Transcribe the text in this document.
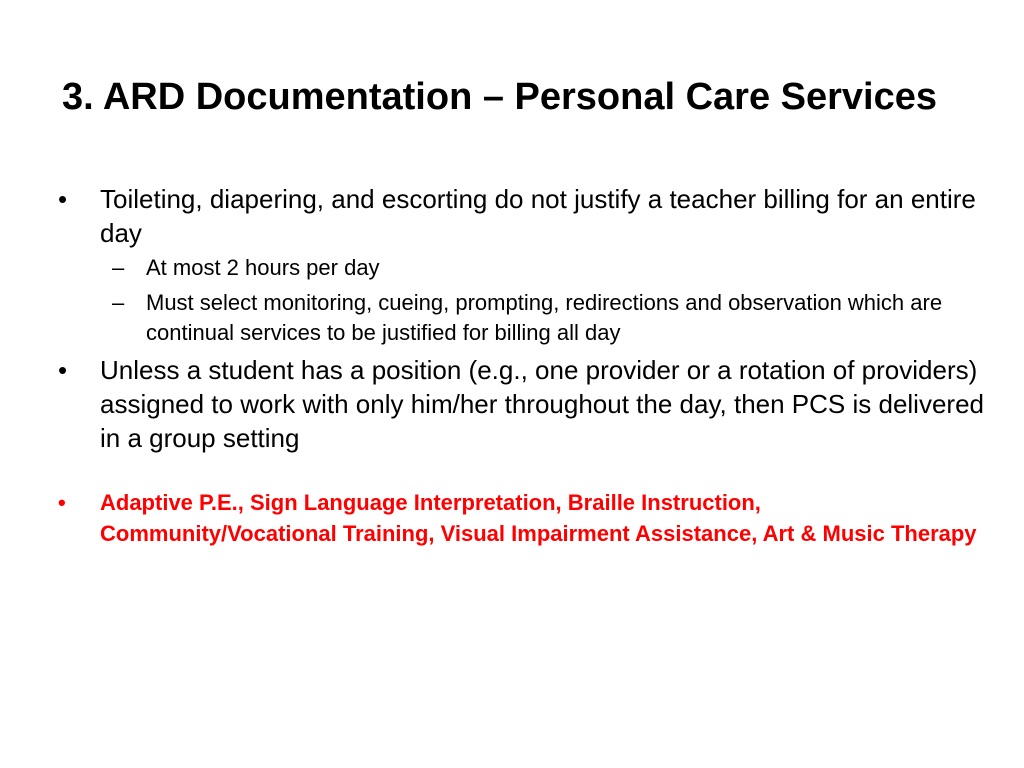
3. ARD Documentation – Personal Care Services
•	Toileting, diapering, and escorting do not justify a teacher billing for an entire day
– At most 2 hours per day
– Must select monitoring, cueing, prompting, redirections and observation which are continual services to be justified for billing all day
•	Unless a student has a position (e.g., one provider or a rotation of providers) assigned to work with only him/her throughout the day, then PCS is delivered in a group setting
•	Adaptive P.E., Sign Language Interpretation, Braille Instruction, Community/Vocational Training, Visual Impairment Assistance, Art & Music Therapy
